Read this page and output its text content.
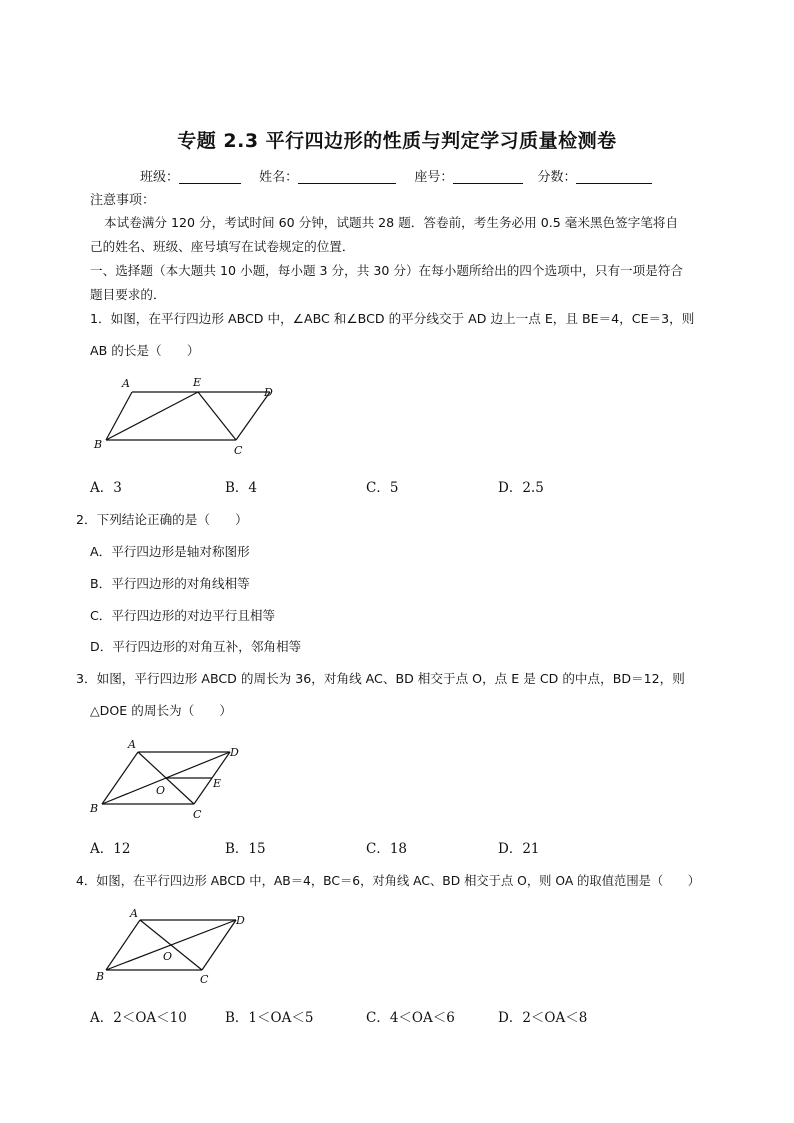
专题 2.3 平行四边形的性质与判定学习质量检测卷
班级：	姓名：	座号：	分数：
注意事项：
本试卷满分 120 分，考试时间 60 分钟，试题共 28 题．答卷前，考生务必用 0.5 毫米黑色签字笔将自
己的姓名、班级、座号填写在试卷规定的位置．
一、选择题（本大题共 10 小题，每小题 3 分，共 30 分）在每小题所给出的四个选项中，只有一项是符合
题目要求的．
1．如图，在平行四边形 ABCD 中，∠ABC 和∠BCD 的平分线交于 AD 边上一点 E，且 BE＝4，CE＝3，则
AB 的长是（　　）
A	E
D
B	C
A．3	B．4	C．5	D．2.5
2．下列结论正确的是（　　）
A．平行四边形是轴对称图形
B．平行四边形的对角线相等
C．平行四边形的对边平行且相等
D．平行四边形的对角互补，邻角相等
3．如图，平行四边形 ABCD 的周长为 36，对角线 AC、BD 相交于点 O，点 E 是 CD 的中点，BD＝12，则
△DOE 的周长为（　　）
A
D
E
O
B	C
A．12	B．15	C．18	D．21
4．如图，在平行四边形 ABCD 中，AB＝4，BC＝6，对角线 AC、BD 相交于点 O，则 OA 的取值范围是（　　）
A
D
O
B	C
A．2＜OA＜10	B．1＜OA＜5	C．4＜OA＜6	D．2＜OA＜8
